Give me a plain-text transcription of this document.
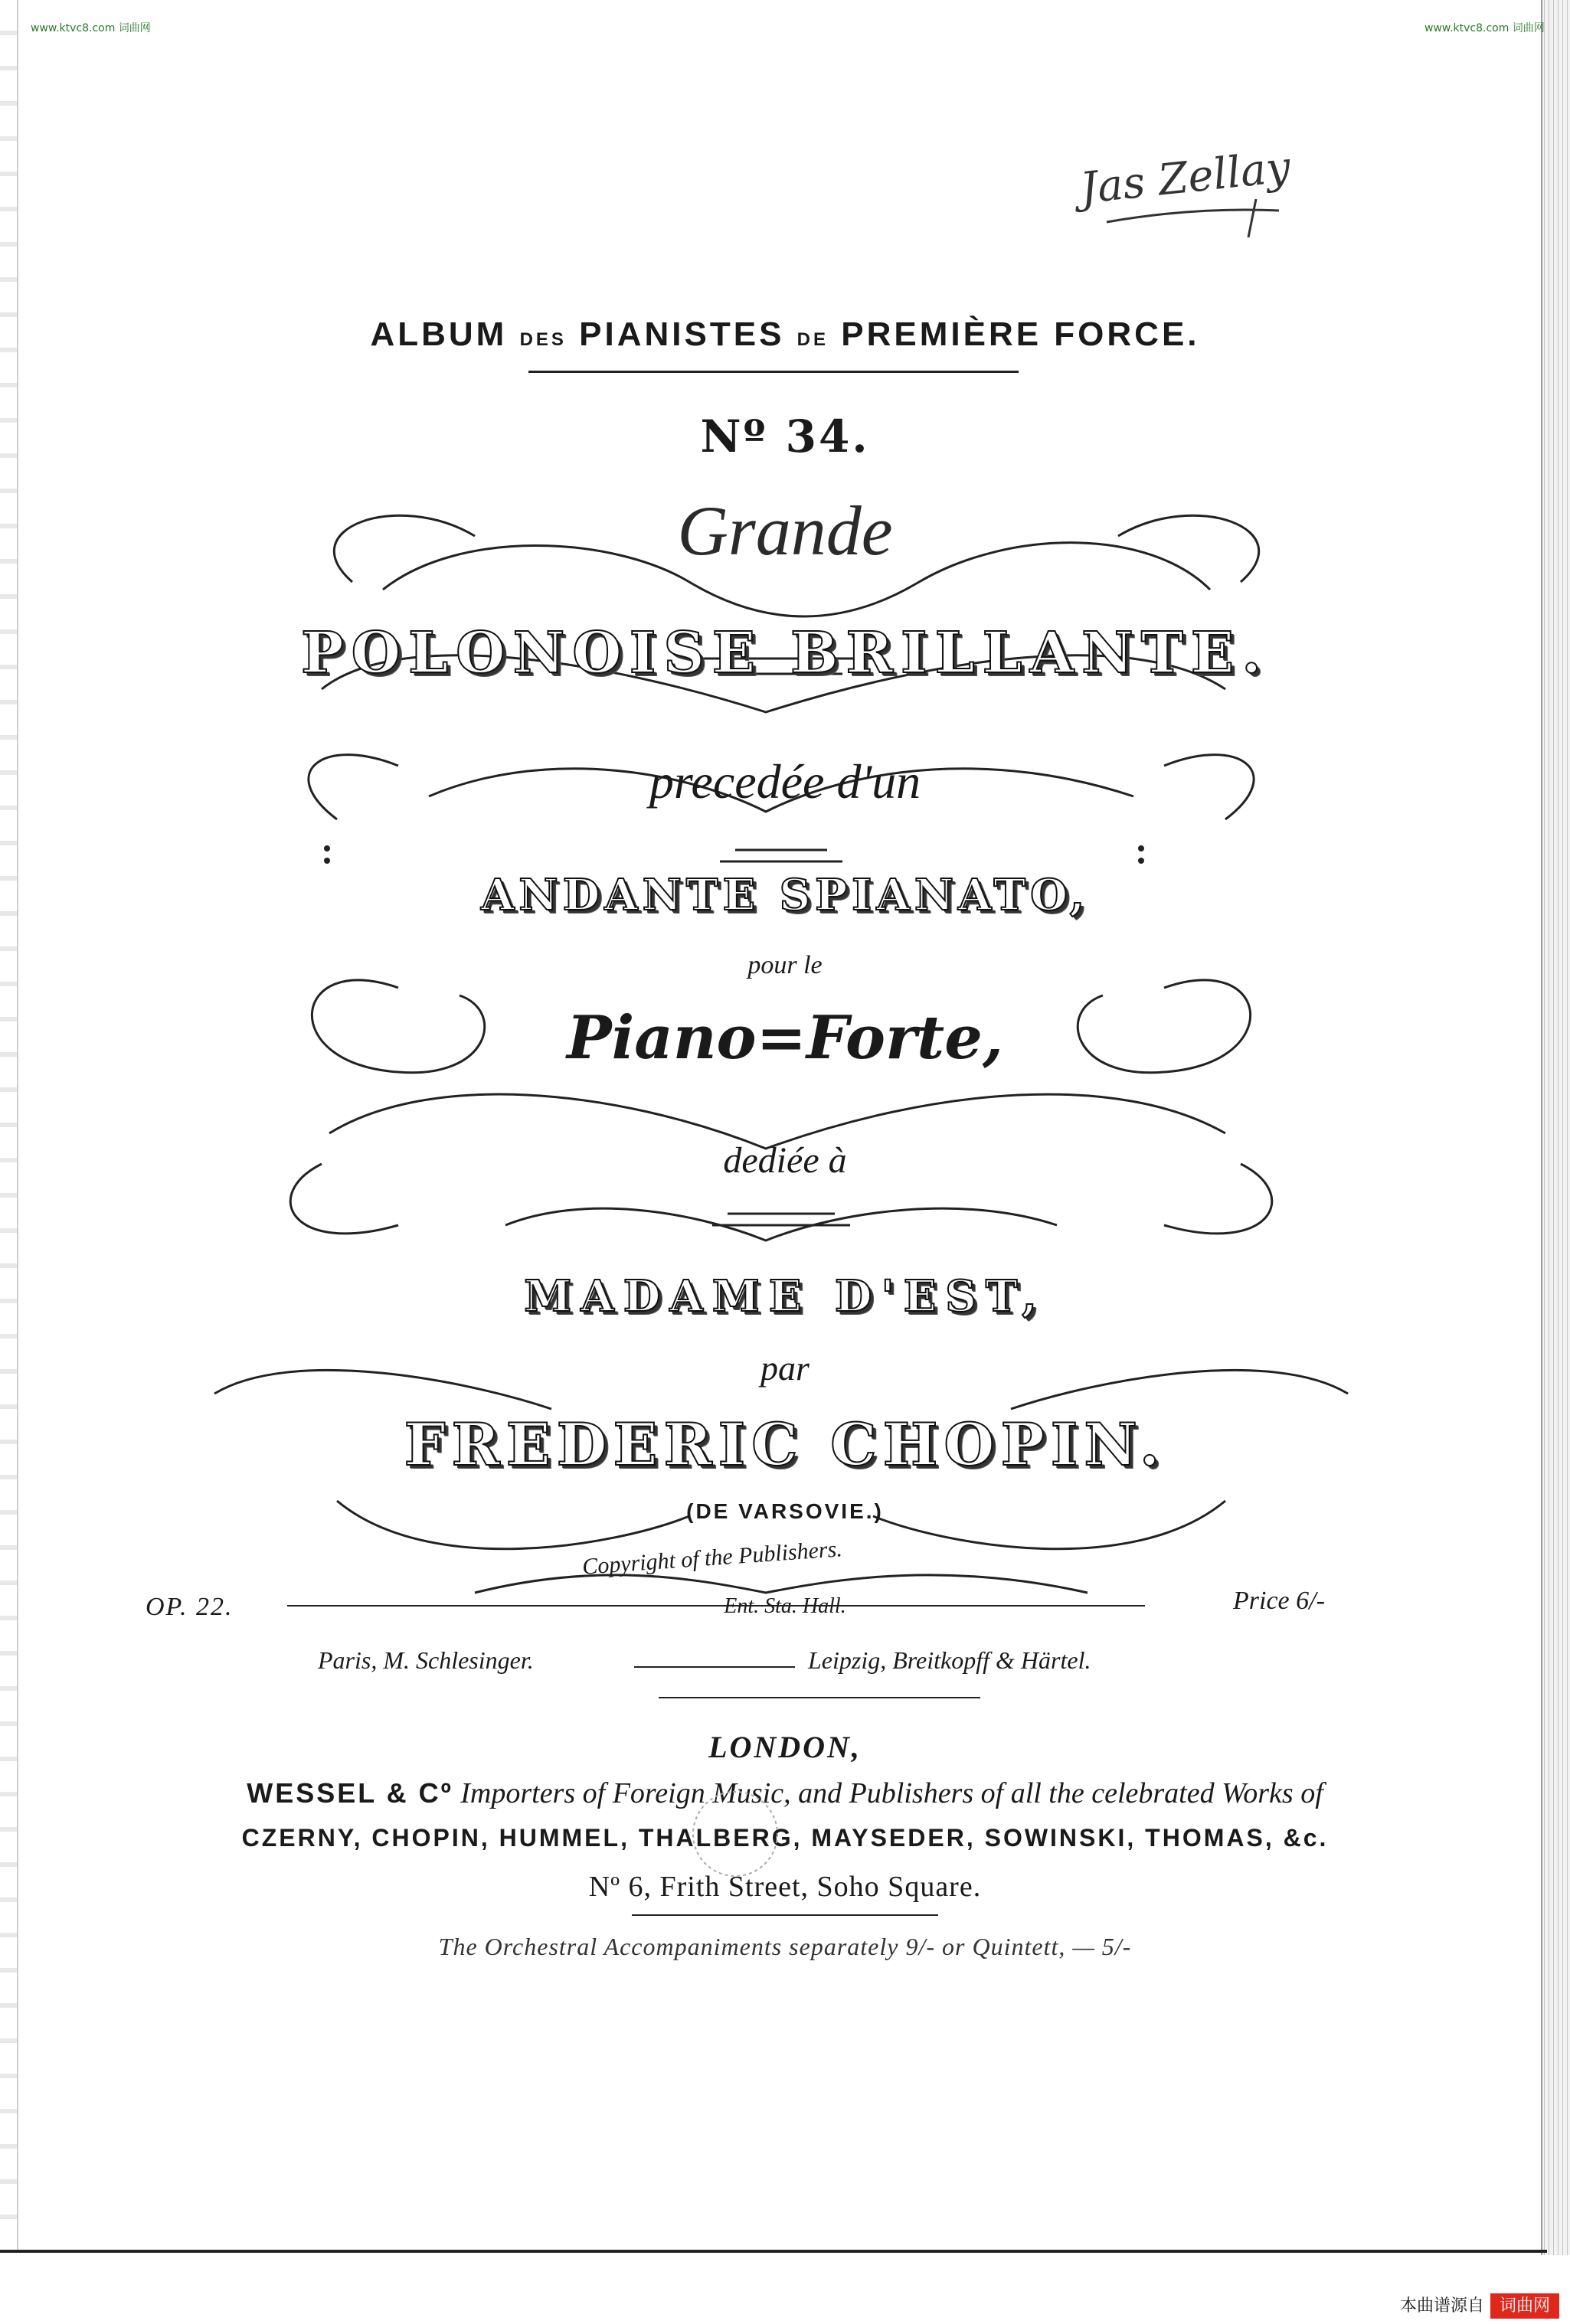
www.ktvc8.com 词曲网	www.ktvc8.com 词曲网
Jas Zellay
ALBUM DES PIANISTES DE PREMIÈRE FORCE.
Nº 34.
Grande
POLONOISE BRILLANTE.
precedée d'un
ANDANTE SPIANATO,
pour le
Piano=Forte,
dediée à
MADAME D'EST,
par
FREDERIC CHOPIN.
(DE VARSOVIE.)
Copyright of the Publishers.
OP. 22.	Ent. Sta. Hall.	Price 6/-
Paris, M. Schlesinger.	Leipzig, Breitkopff & Härtel.
LONDON,
WESSEL & Cº Importers of Foreign Music, and Publishers of all the celebrated Works of
CZERNY, CHOPIN, HUMMEL, THALBERG, MAYSEDER, SOWINSKI, THOMAS, &c.
Nº 6, Frith Street, Soho Square.
The Orchestral Accompaniments separately 9/- or Quintett, — 5/-
本曲谱源自 词曲网
